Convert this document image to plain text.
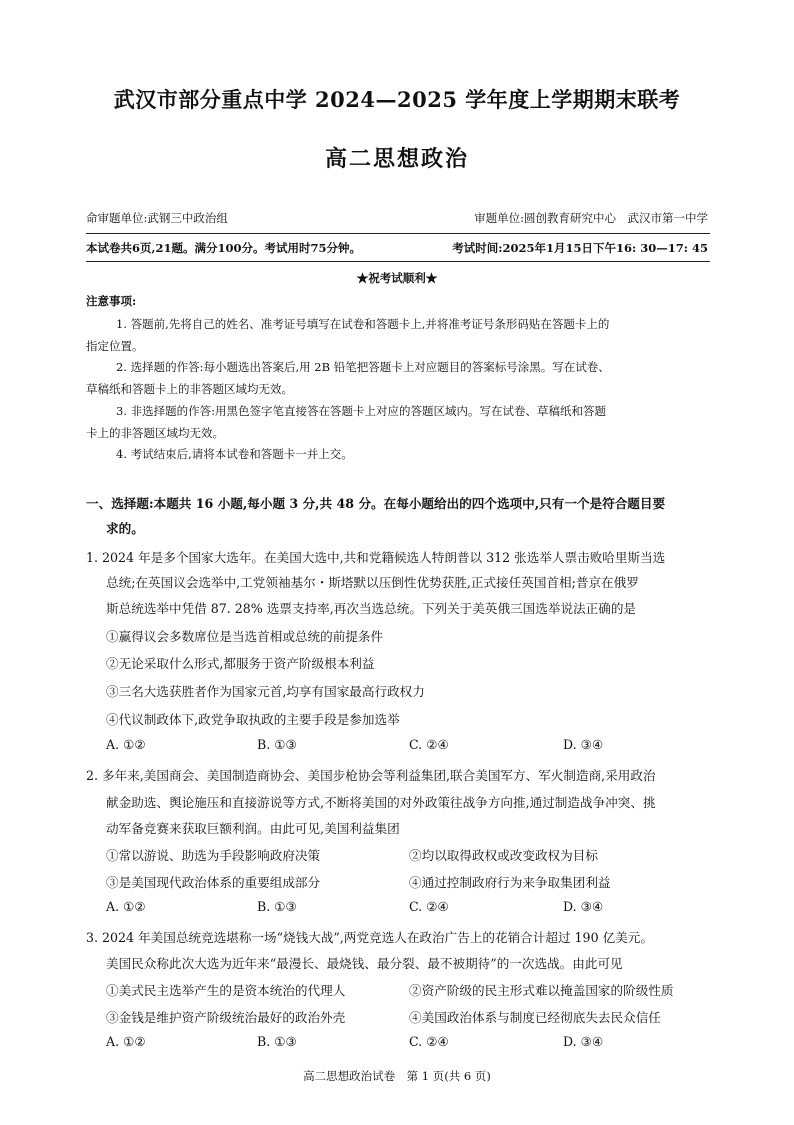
武汉市部分重点中学 2024—2025 学年度上学期期末联考
高二思想政治
命审题单位:武钢三中政治组	审题单位:圆创教育研究中心　武汉市第一中学
本试卷共6页,21题。满分100分。考试用时75分钟。	考试时间:2025年1月15日下午16: 30—17: 45
★祝考试顺利★
注意事项:
1. 答题前,先将自己的姓名、准考证号填写在试卷和答题卡上,并将准考证号条形码贴在答题卡上的
指定位置。
2. 选择题的作答:每小题选出答案后,用 2B 铅笔把答题卡上对应题目的答案标号涂黑。写在试卷、
草稿纸和答题卡上的非答题区域均无效。
3. 非选择题的作答:用黑色签字笔直接答在答题卡上对应的答题区域内。写在试卷、草稿纸和答题
卡上的非答题区域均无效。
4. 考试结束后,请将本试卷和答题卡一并上交。
一、选择题:本题共 16 小题,每小题 3 分,共 48 分。在每小题给出的四个选项中,只有一个是符合题目要
求的。
1. 2024 年是多个国家大选年。在美国大选中,共和党籍候选人特朗普以 312 张选举人票击败哈里斯当选
总统;在英国议会选举中,工党领袖基尔・斯塔默以压倒性优势获胜,正式接任英国首相;普京在俄罗
斯总统选举中凭借 87. 28% 选票支持率,再次当选总统。下列关于美英俄三国选举说法正确的是
①赢得议会多数席位是当选首相或总统的前提条件
②无论采取什么形式,都服务于资产阶级根本利益
③三名大选获胜者作为国家元首,均享有国家最高行政权力
④代议制政体下,政党争取执政的主要手段是参加选举
A. ①②	B. ①③	C. ②④	D. ③④
2. 多年来,美国商会、美国制造商协会、美国步枪协会等利益集团,联合美国军方、军火制造商,采用政治
献金助选、舆论施压和直接游说等方式,不断将美国的对外政策往战争方向推,通过制造战争冲突、挑
动军备竞赛来获取巨额利润。由此可见,美国利益集团
①常以游说、助选为手段影响政府决策	②均以取得政权或改变政权为目标
③是美国现代政治体系的重要组成部分	④通过控制政府行为来争取集团利益
A. ①②	B. ①③	C. ②④	D. ③④
3. 2024 年美国总统竞选堪称一场“烧钱大战”,两党竞选人在政治广告上的花销合计超过 190 亿美元。
美国民众称此次大选为近年来“最漫长、最烧钱、最分裂、最不被期待”的一次选战。由此可见
①美式民主选举产生的是资本统治的代理人	②资产阶级的民主形式难以掩盖国家的阶级性质
③金钱是维护资产阶级统治最好的政治外壳	④美国政治体系与制度已经彻底失去民众信任
A. ①②	B. ①③	C. ②④	D. ③④
高二思想政治试卷　第 1 页(共 6 页)
